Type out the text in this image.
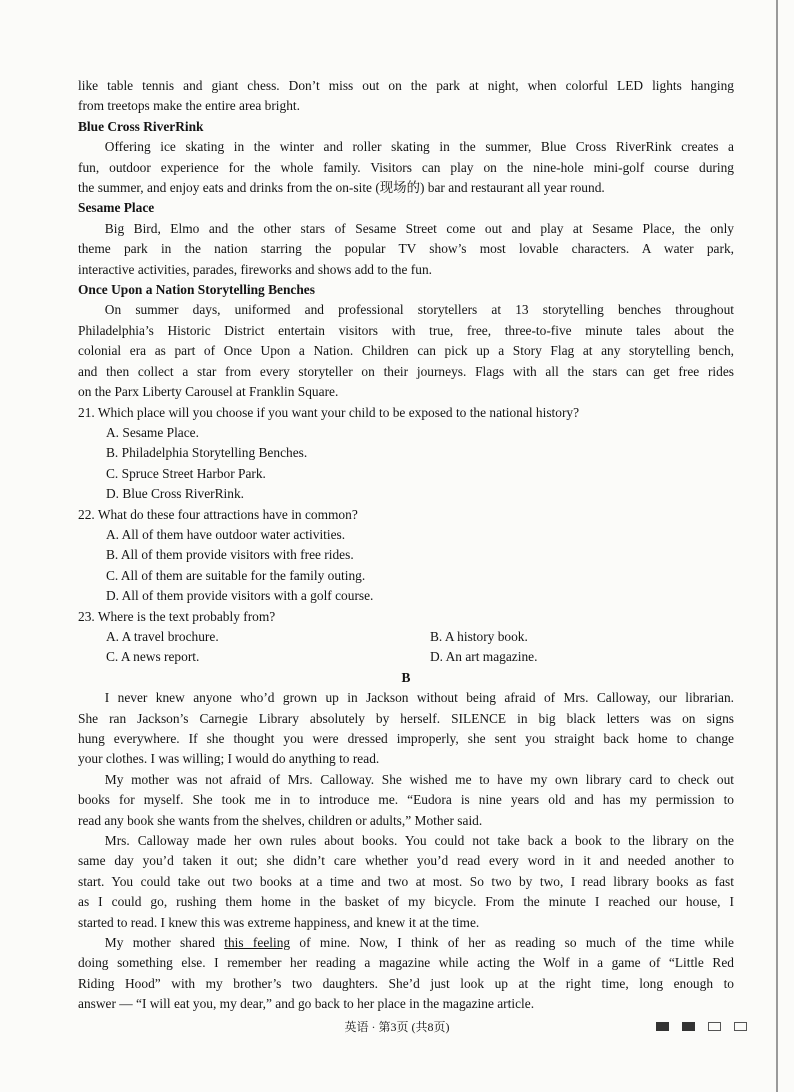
like table tennis and giant chess. Don’t miss out on the park at night, when colorful LED lights hanging

from treetops make the entire area bright.

Blue Cross RiverRink

Offering ice skating in the winter and roller skating in the summer, Blue Cross RiverRink creates a

fun, outdoor experience for the whole family. Visitors can play on the nine-hole mini-golf course during

the summer, and enjoy eats and drinks from the on-site (现场的) bar and restaurant all year round.

Sesame Place

Big Bird, Elmo and the other stars of Sesame Street come out and play at Sesame Place, the only

theme park in the nation starring the popular TV show’s most lovable characters. A water park,

interactive activities, parades, fireworks and shows add to the fun.

Once Upon a Nation Storytelling Benches

On summer days, uniformed and professional storytellers at 13 storytelling benches throughout

Philadelphia’s Historic District entertain visitors with true, free, three-to-five minute tales about the

colonial era as part of Once Upon a Nation. Children can pick up a Story Flag at any storytelling bench,

and then collect a star from every storyteller on their journeys. Flags with all the stars can get free rides

on the Parx Liberty Carousel at Franklin Square.

21. Which place will you choose if you want your child to be exposed to the national history?

A. Sesame Place.

B. Philadelphia Storytelling Benches.

C. Spruce Street Harbor Park.

D. Blue Cross RiverRink.

22. What do these four attractions have in common?

A. All of them have outdoor water activities.

B. All of them provide visitors with free rides.

C. All of them are suitable for the family outing.

D. All of them provide visitors with a golf course.

23. Where is the text probably from?

A. A travel brochure.	B. A history book.
C. A news report.	D. An art magazine.

B

I never knew anyone who’d grown up in Jackson without being afraid of Mrs. Calloway, our librarian.

She ran Jackson’s Carnegie Library absolutely by herself. SILENCE in big black letters was on signs

hung everywhere. If she thought you were dressed improperly, she sent you straight back home to change

your clothes. I was willing; I would do anything to read.

My mother was not afraid of Mrs. Calloway. She wished me to have my own library card to check out

books for myself. She took me in to introduce me. “Eudora is nine years old and has my permission to

read any book she wants from the shelves, children or adults,” Mother said.

Mrs. Calloway made her own rules about books. You could not take back a book to the library on the

same day you’d taken it out; she didn’t care whether you’d read every word in it and needed another to

start. You could take out two books at a time and two at most. So two by two, I read library books as fast

as I could go, rushing them home in the basket of my bicycle. From the minute I reached our house, I

started to read. I knew this was extreme happiness, and knew it at the time.

My mother shared this feeling of mine. Now, I think of her as reading so much of the time while

doing something else. I remember her reading a magazine while acting the Wolf in a game of “Little Red

Riding Hood” with my brother’s two daughters. She’d just look up at the right time, long enough to

answer — “I will eat you, my dear,” and go back to her place in the magazine article.

英语 · 第3页 (共8页)
